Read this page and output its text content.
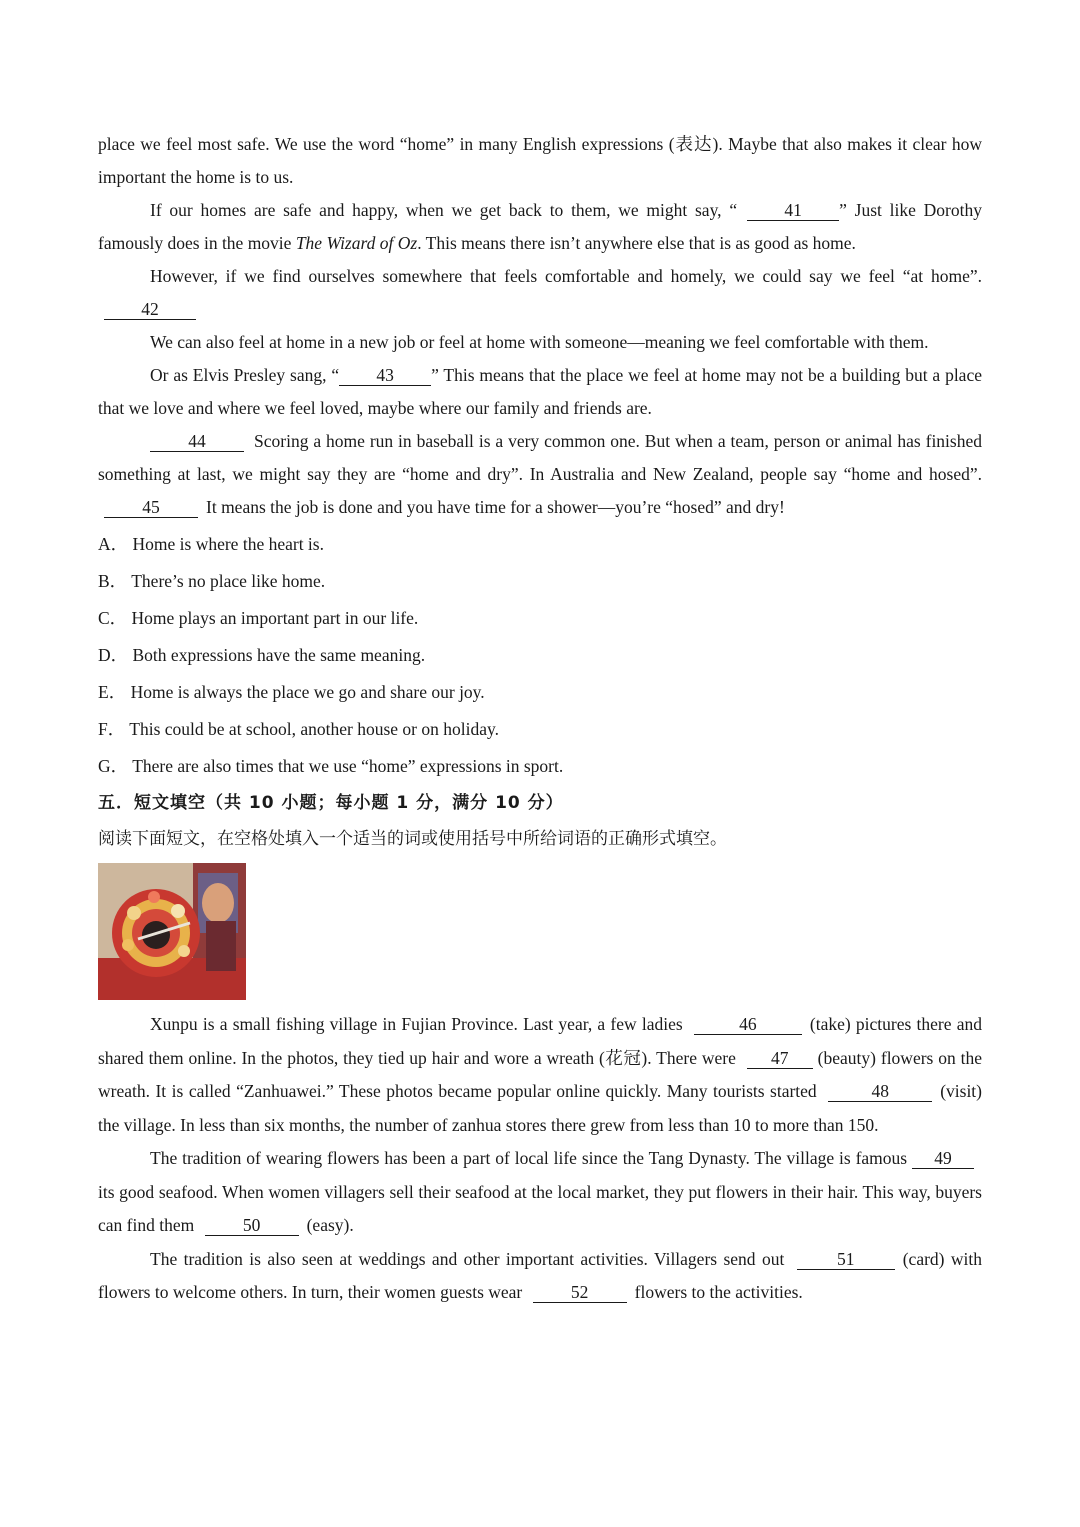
place we feel most safe. We use the word “home” in many English expressions (表达). Maybe that also makes it clear how important the home is to us.

If our homes are safe and happy, when we get back to them, we might say, “	41 ” Just like Dorothy famously does in the movie The Wizard of Oz. This means there isn’t anywhere else that is as good as home.

However, if we find ourselves somewhere that feels comfortable and homely, we could say we feel “at home”. 42

We can also feel at home in a new job or feel at home with someone—meaning we feel comfortable with them.

Or as Elvis Presley sang, “ 43 ” This means that the place we feel at home may not be a building but a place that we love and where we feel loved, maybe where our family and friends are.

44	Scoring a home run in baseball is a very common one. But when a team, person or animal has finished something at last, we might say they are “home and dry”. In Australia and New Zealand, people say “home and hosed”. 45	It means the job is done and you have time for a shower—you’re “hosed” and dry!

A． Home is where the heart is.

B． There’s no place like home.

C． Home plays an important part in our life.

D． Both expressions have the same meaning.

E． Home is always the place we go and share our joy.

F． This could be at school, another house or on holiday.

G． There are also times that we use “home” expressions in sport.

五．短文填空（共 10 小题；每小题 1 分，满分 10 分）

阅读下面短文，在空格处填入一个适当的词或使用括号中所给词语的正确形式填空。

Xunpu is a small fishing village in Fujian Province. Last year, a few ladies	46	(take) pictures there and shared them online. In the photos, they tied up hair and wore a wreath (花冠). There were 47 (beauty) flowers on the wreath. It is called “Zanhuawei.” These photos became popular online quickly. Many tourists started	48	(visit) the village. In less than six months, the number of zanhua stores there grew from less than 10 to more than 150.

The tradition of wearing flowers has been a part of local life since the Tang Dynasty. The village is famous 49its good seafood. When women villagers sell their seafood at the local market, they put flowers in their hair. This way, buyers can find them	50	(easy).

The tradition is also seen at weddings and other important activities. Villagers send out	51	(card) with flowers to welcome others. In turn, their women guests wear	52	flowers to the activities.
